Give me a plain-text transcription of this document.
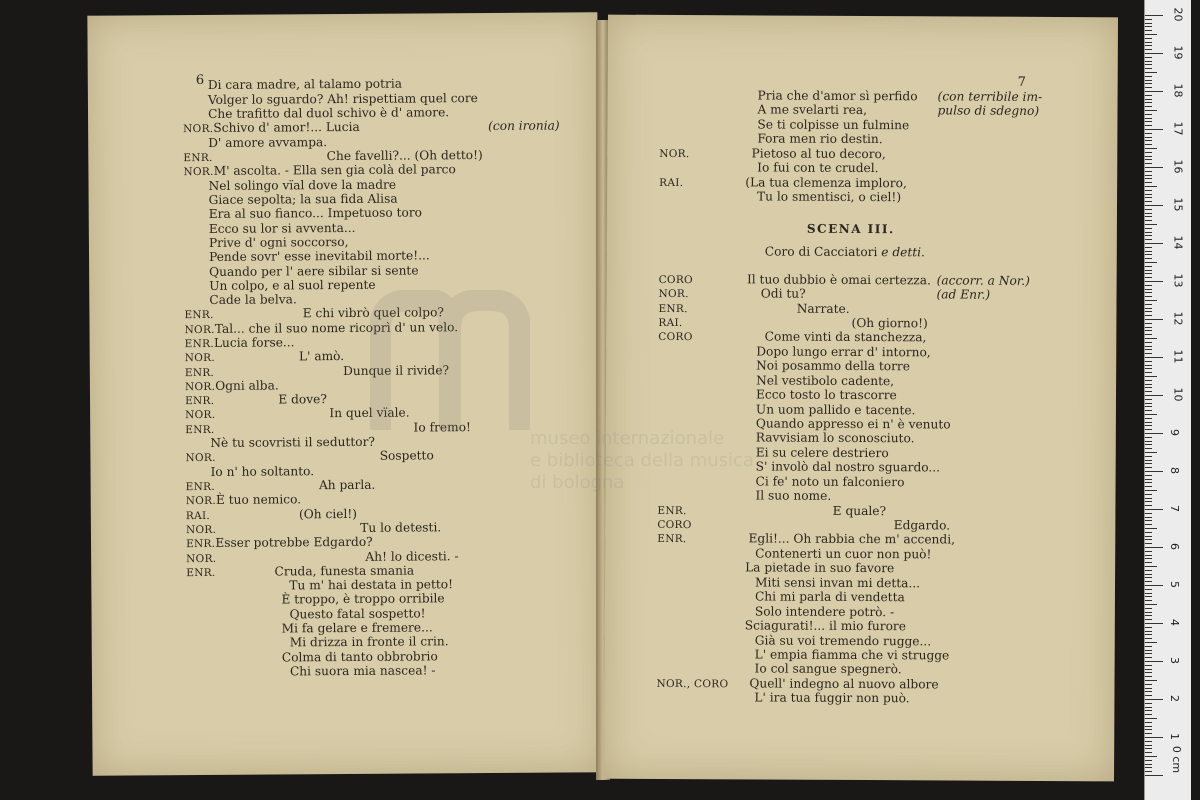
6 Di cara madre, al talamo potria
Volger lo sguardo? Ah! rispettiam quel core
Che trafitto dal duol schivo è d' amore.
NOR.Schivo d' amor!... Lucia	(con ironia)
D' amore avvampa.
ENR.	Che favelli?... (Oh detto!)
NOR.M' ascolta. - Ella sen gia colà del parco
Nel solingo vïal dove la madre
Giace sepolta; la sua fida Alisa
Era al suo fianco... Impetuoso toro
Ecco su lor si avventa...
Prive d' ogni soccorso,
Pende sovr' esse inevitabil morte!...
Quando per l' aere sibilar si sente
Un colpo, e al suol repente
Cade la belva.
ENR.	E chi vibrò quel colpo?
NOR.Tal... che il suo nome ricoprì d' un velo.
ENR.Lucia forse...
NOR.	L' amò.
ENR.	Dunque il rivide?
NOR.Ogni alba.
ENR.	E dove?
NOR.	In quel vïale.
ENR.	Io fremo!
Nè tu scovristi il seduttor?
NOR.	Sospetto
Io n' ho soltanto.
ENR.	Ah parla.
NOR.È tuo nemico.
RAI.	(Oh ciel!)
NOR.	Tu lo detesti.
ENR.Esser potrebbe Edgardo?
NOR.	Ah! lo dicesti. -
ENR.	Cruda, funesta smania
Tu m' hai destata in petto!
È troppo, è troppo orribile
Questo fatal sospetto!
Mi fa gelare e fremere...
Mi drizza in fronte il crin.
Colma di tanto obbrobrio
Chi suora mia nascea! -
7
SCENA III.
Coro di Cacciatori e detti.
Pria che d'amor sì perfido (con terribile im-
A me svelarti rea,	pulso di sdegno)
Se ti colpisse un fulmine
Fora men rio destin.
NOR.	Pietoso al tuo decoro,
Io fui con te crudel.
RAI.	(La tua clemenza imploro,
Tu lo smentisci, o ciel!)
CORO	Il tuo dubbio è omai certezza. (accorr. a Nor.)
NOR.	Odi tu?	(ad Enr.)
ENR.	Narrate.
RAI.	(Oh giorno!)
CORO	Come vinti da stanchezza,
Dopo lungo errar d' intorno,
Noi posammo della torre
Nel vestibolo cadente,
Ecco tosto lo trascorre
Un uom pallido e tacente.
Quando appresso ei n' è venuto
Ravvisiam lo sconosciuto.
Ei su celere destriero
S' involò dal nostro sguardo...
Ci fe' noto un falconiero
Il suo nome.
ENR.	E quale?
CORO	Edgardo.
ENR.	Egli!... Oh rabbia che m' accendi,
Contenerti un cuor non può!
La pietade in suo favore
Miti sensi invan mi detta...
Chi mi parla di vendetta
Solo intendere potrò. -
Sciagurati!... il mio furore
Già su voi tremendo rugge...
L' empia fiamma che vi strugge
Io col sangue spegnerò.
NOR., CORO Quell' indegno al nuovo albore
L' ira tua fuggir non può.
0 cm
1
2
3
4
5
6
7
8
9
10
11
12
13
14
15
16
17
18
19
20
